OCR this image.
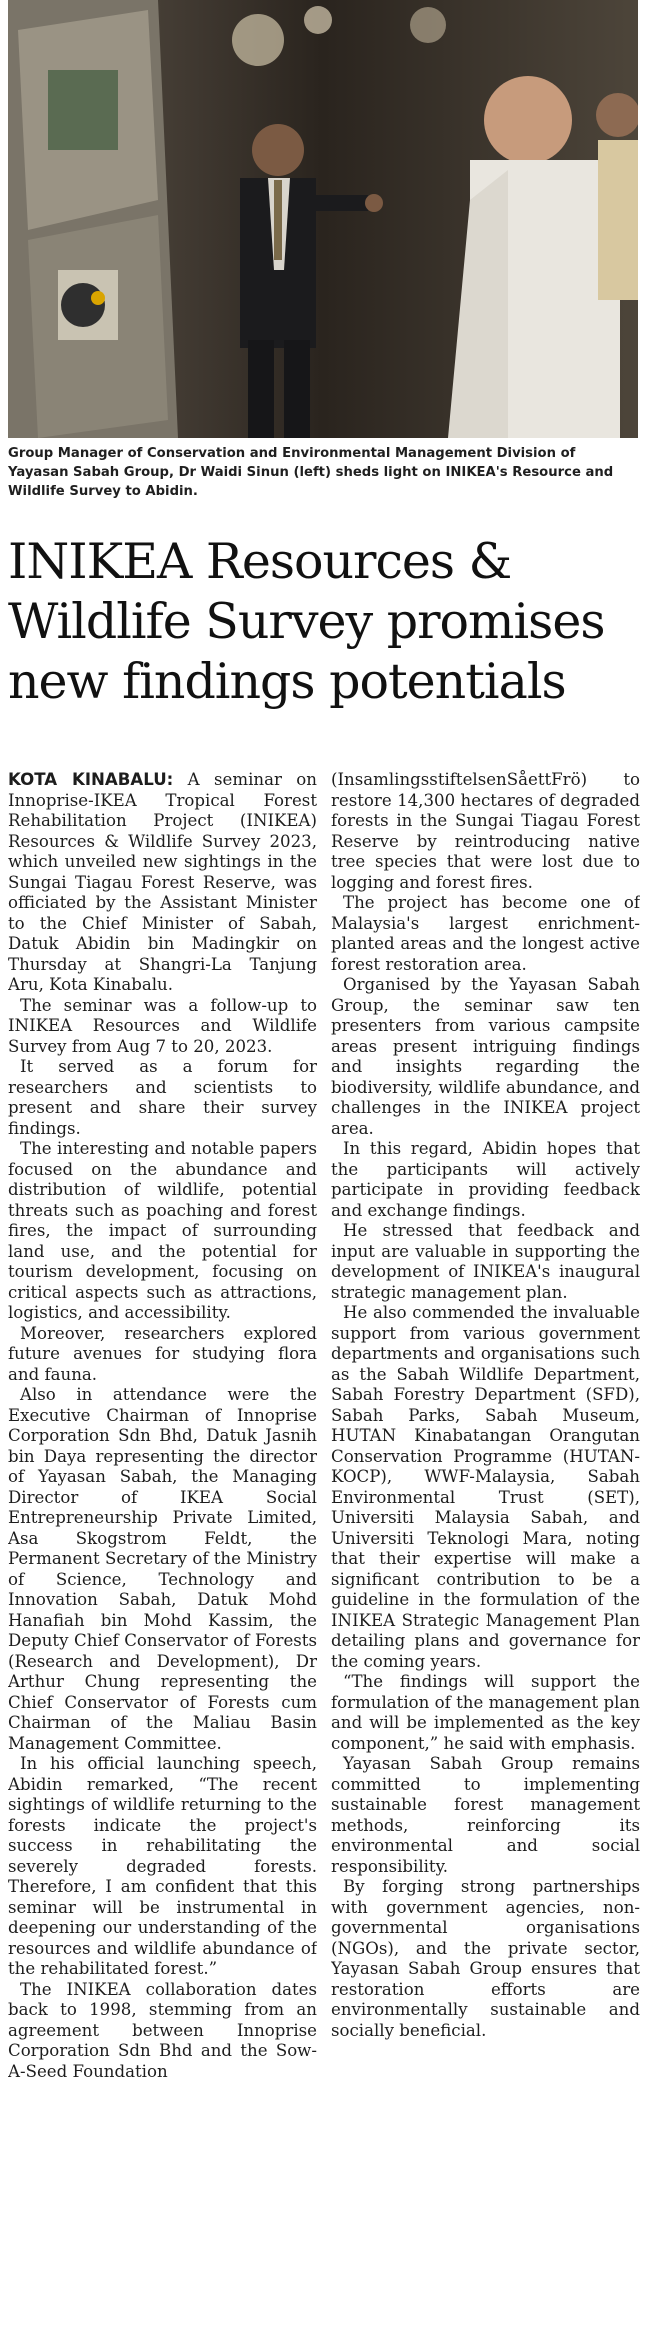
Group Manager of Conservation and Environmental Management Division of Yayasan Sabah Group, Dr Waidi Sinun (left) sheds light on INIKEA's Resource and Wildlife Survey to Abidin.
INIKEA Resources & Wildlife Survey promises new findings potentials

KOTA KINABALU: A seminar on Innoprise-IKEA Tropical Forest Rehabilitation Project (INIKEA) Resources & Wildlife Survey 2023, which unveiled new sightings in the Sungai Tiagau Forest Reserve, was officiated by the Assistant Minister to the Chief Minister of Sabah, Datuk Abidin bin Madingkir on Thursday at Shangri-La Tanjung Aru, Kota Kinabalu.

The seminar was a follow-up to INIKEA Resources and Wildlife Survey from Aug 7 to 20, 2023.

It served as a forum for researchers and scientists to present and share their survey findings.

The interesting and notable papers focused on the abundance and distribution of wildlife, potential threats such as poaching and forest fires, the impact of surrounding land use, and the potential for tourism development, focusing on critical aspects such as attractions, logistics, and accessibility.

Moreover, researchers explored future avenues for studying flora and fauna.

Also in attendance were the Executive Chairman of Innoprise Corporation Sdn Bhd, Datuk Jasnih bin Daya representing the director of Yayasan Sabah, the Managing Director of IKEA Social Entrepreneurship Private Limited, Asa Skogstrom Feldt, the Permanent Secretary of the Ministry of Science, Technology and Innovation Sabah, Datuk Mohd Hanafiah bin Mohd Kassim, the Deputy Chief Conservator of Forests (Research and Development), Dr Arthur Chung representing the Chief Conservator of Forests cum Chairman of the Maliau Basin Management Committee.

In his official launching speech, Abidin remarked, “The recent sightings of wildlife returning to the forests indicate the project's success in rehabilitating the severely degraded forests. Therefore, I am confident that this seminar will be instrumental in deepening our understanding of the resources and wildlife abundance of the rehabilitated forest.”

The INIKEA collaboration dates back to 1998, stemming from an agreement between Innoprise Corporation Sdn Bhd and the Sow-A-Seed Foundation

(InsamlingsstiftelsenSåettFrö) to restore 14,300 hectares of degraded forests in the Sungai Tiagau Forest Reserve by reintroducing native tree species that were lost due to logging and forest fires.

The project has become one of Malaysia's largest enrichment-planted areas and the longest active forest restoration area.

Organised by the Yayasan Sabah Group, the seminar saw ten presenters from various campsite areas present intriguing findings and insights regarding the biodiversity, wildlife abundance, and challenges in the INIKEA project area.

In this regard, Abidin hopes that the participants will actively participate in providing feedback and exchange findings.

He stressed that feedback and input are valuable in supporting the development of INIKEA's inaugural strategic management plan.

He also commended the invaluable support from various government departments and organisations such as the Sabah Wildlife Department, Sabah Forestry Department (SFD), Sabah Parks, Sabah Museum, HUTAN Kinabatangan Orangutan Conservation Programme (HUTAN-KOCP), WWF-Malaysia, Sabah Environmental Trust (SET), Universiti Malaysia Sabah, and Universiti Teknologi Mara, noting that their expertise will make a significant contribution to be a guideline in the formulation of the INIKEA Strategic Management Plan detailing plans and governance for the coming years.

“The findings will support the formulation of the management plan and will be implemented as the key component,” he said with emphasis.

Yayasan Sabah Group remains committed to implementing sustainable forest management methods, reinforcing its environmental and social responsibility.

By forging strong partnerships with government agencies, non-governmental organisations (NGOs), and the private sector, Yayasan Sabah Group ensures that restoration efforts are environmentally sustainable and socially beneficial.
